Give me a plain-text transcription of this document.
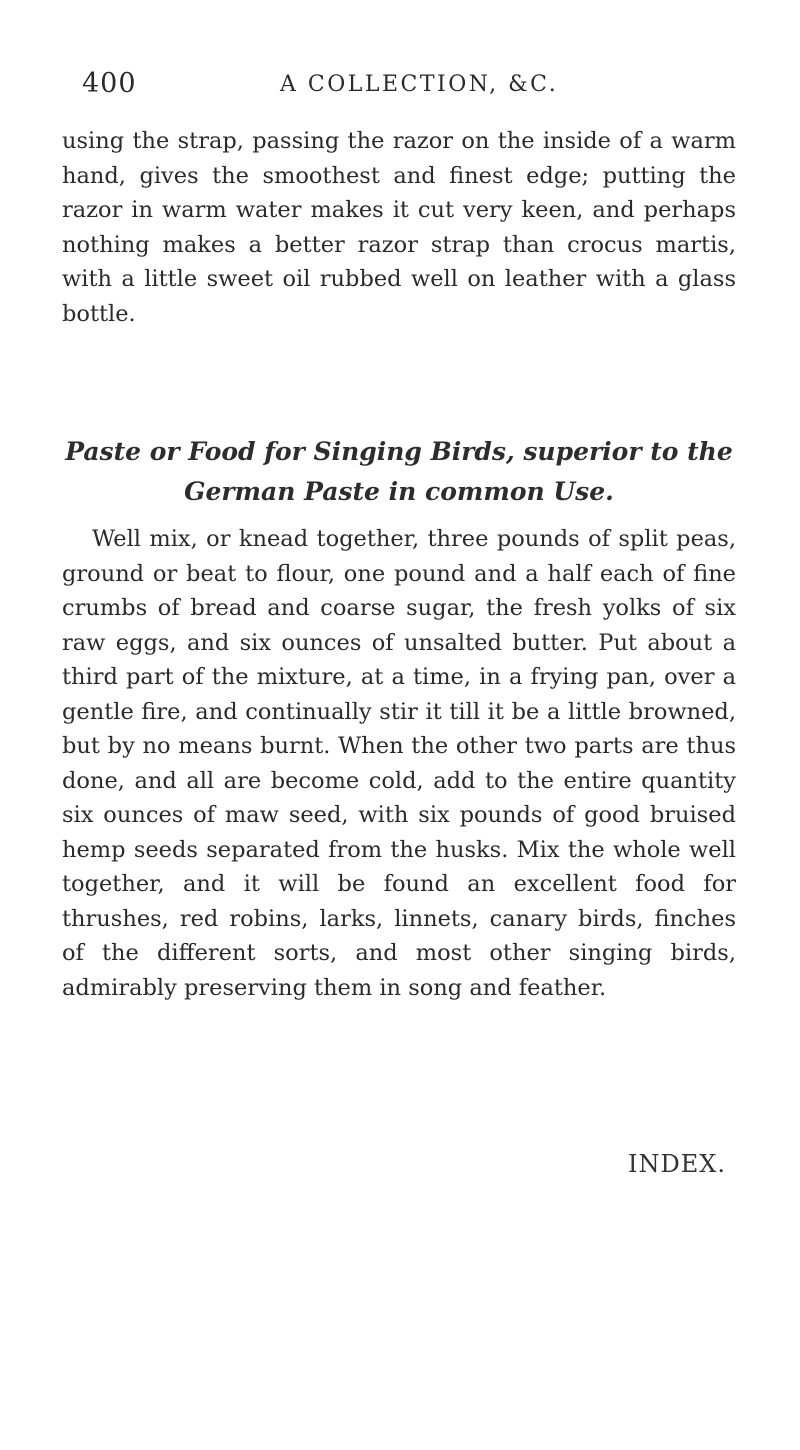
400	A COLLECTION, &C.

using the strap, passing the razor on the inside of a warm hand, gives the smoothest and finest edge; putting the razor in warm water makes it cut very keen, and perhaps nothing makes a better razor strap than crocus martis, with a little sweet oil rubbed well on leather with a glass bottle.

Paste or Food for Singing Birds, superior to the German Paste in common Use.

Well mix, or knead together, three pounds of split peas, ground or beat to flour, one pound and a half each of fine crumbs of bread and coarse sugar, the fresh yolks of six raw eggs, and six ounces of unsalted butter. Put about a third part of the mixture, at a time, in a frying pan, over a gentle fire, and continually stir it till it be a little browned, but by no means burnt. When the other two parts are thus done, and all are become cold, add to the entire quantity six ounces of maw seed, with six pounds of good bruised hemp seeds separated from the husks. Mix the whole well together, and it will be found an excellent food for thrushes, red robins, larks, linnets, canary birds, finches of the different sorts, and most other singing birds, admirably preserving them in song and feather.

INDEX.
